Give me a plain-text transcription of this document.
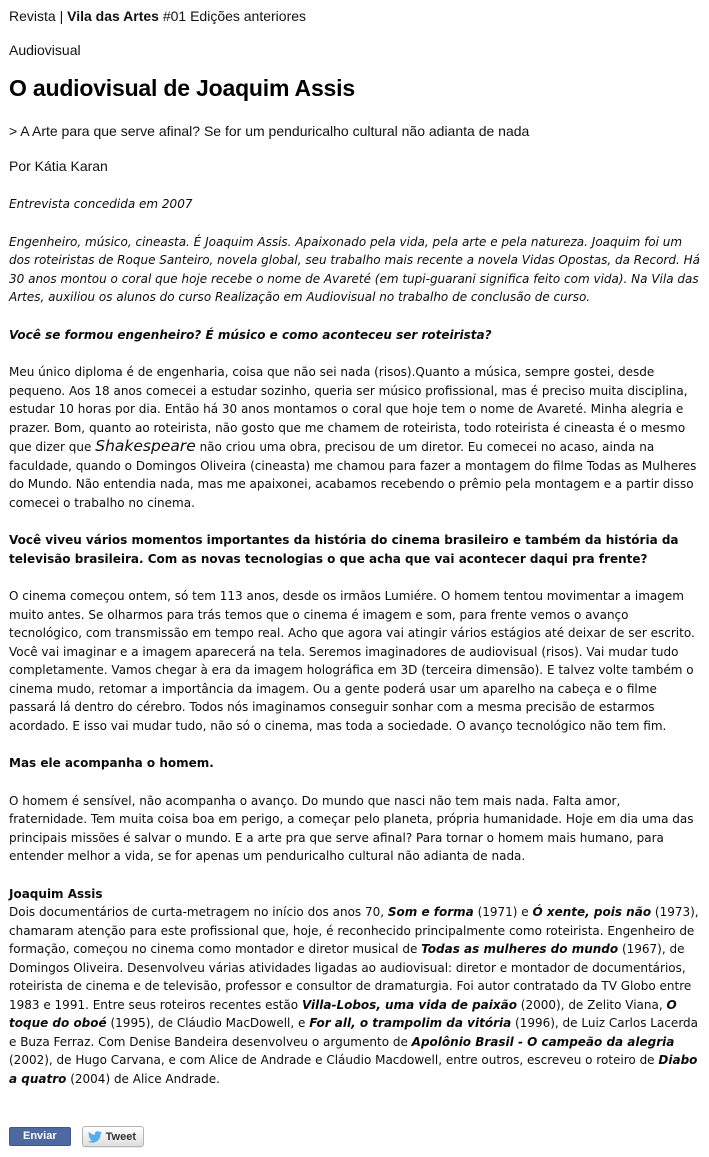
Revista | Vila das Artes #01 Edições anteriores
Audiovisual
O audiovisual de Joaquim Assis
> A Arte para que serve afinal? Se for um penduricalho cultural não adianta de nada
Por Kátia Karan

Entrevista concedida em 2007

Engenheiro, músico, cineasta. É Joaquim Assis. Apaixonado pela vida, pela arte e pela natureza. Joaquim foi um dos roteiristas de Roque Santeiro, novela global, seu trabalho mais recente a novela Vidas Opostas, da Record. Há 30 anos montou o coral que hoje recebe o nome de Avareté (em tupi-guarani significa feito com vida). Na Vila das Artes, auxiliou os alunos do curso Realização em Audiovisual no trabalho de conclusão de curso.

Você se formou engenheiro? É músico e como aconteceu ser roteirista?

Meu único diploma é de engenharia, coisa que não sei nada (risos).Quanto a música, sempre gostei, desde pequeno. Aos 18 anos comecei a estudar sozinho, queria ser músico profissional, mas é preciso muita disciplina, estudar 10 horas por dia. Então há 30 anos montamos o coral que hoje tem o nome de Avareté. Minha alegria e prazer. Bom, quanto ao roteirista, não gosto que me chamem de roteirista, todo roteirista é cineasta é o mesmo que dizer que Shakespeare não criou uma obra, precisou de um diretor. Eu comecei no acaso, ainda na faculdade, quando o Domingos Oliveira (cineasta) me chamou para fazer a montagem do filme Todas as Mulheres do Mundo. Não entendia nada, mas me apaixonei, acabamos recebendo o prêmio pela montagem e a partir disso comecei o trabalho no cinema.

Você viveu vários momentos importantes da história do cinema brasileiro e também da história da televisão brasileira. Com as novas tecnologias o que acha que vai acontecer daqui pra frente?

O cinema começou ontem, só tem 113 anos, desde os irmãos Lumiére. O homem tentou movimentar a imagem muito antes. Se olharmos para trás temos que o cinema é imagem e som, para frente vemos o avanço tecnológico, com transmissão em tempo real. Acho que agora vai atingir vários estágios até deixar de ser escrito. Você vai imaginar e a imagem aparecerá na tela. Seremos imaginadores de audiovisual (risos). Vai mudar tudo completamente. Vamos chegar à era da imagem holográfica em 3D (terceira dimensão). E talvez volte também o cinema mudo, retomar a importância da imagem. Ou a gente poderá usar um aparelho na cabeça e o filme passará lá dentro do cérebro. Todos nós imaginamos conseguir sonhar com a mesma precisão de estarmos acordado. E isso vai mudar tudo, não só o cinema, mas toda a sociedade. O avanço tecnológico não tem fim.

Mas ele acompanha o homem.

O homem é sensível, não acompanha o avanço. Do mundo que nasci não tem mais nada. Falta amor, fraternidade. Tem muita coisa boa em perigo, a começar pelo planeta, própria humanidade. Hoje em dia uma das principais missões é salvar o mundo. E a arte pra que serve afinal? Para tornar o homem mais humano, para entender melhor a vida, se for apenas um penduricalho cultural não adianta de nada.

Joaquim Assis

Dois documentários de curta-metragem no início dos anos 70, Som e forma (1971) e Ó xente, pois não (1973), chamaram atenção para este profissional que, hoje, é reconhecido principalmente como roteirista. Engenheiro de formação, começou no cinema como montador e diretor musical de Todas as mulheres do mundo (1967), de Domingos Oliveira. Desenvolveu várias atividades ligadas ao audiovisual: diretor e montador de documentários, roteirista de cinema e de televisão, professor e consultor de dramaturgia. Foi autor contratado da TV Globo entre 1983 e 1991. Entre seus roteiros recentes estão Villa-Lobos, uma vida de paixão (2000), de Zelito Viana, O toque do oboé (1995), de Cláudio MacDowell, e For all, o trampolim da vitória (1996), de Luiz Carlos Lacerda e Buza Ferraz. Com Denise Bandeira desenvolveu o argumento de Apolônio Brasil - O campeão da alegria (2002), de Hugo Carvana, e com Alice de Andrade e Cláudio Macdowell, entre outros, escreveu o roteiro de Diabo a quatro (2004) de Alice Andrade.

Enviar	Tweet
